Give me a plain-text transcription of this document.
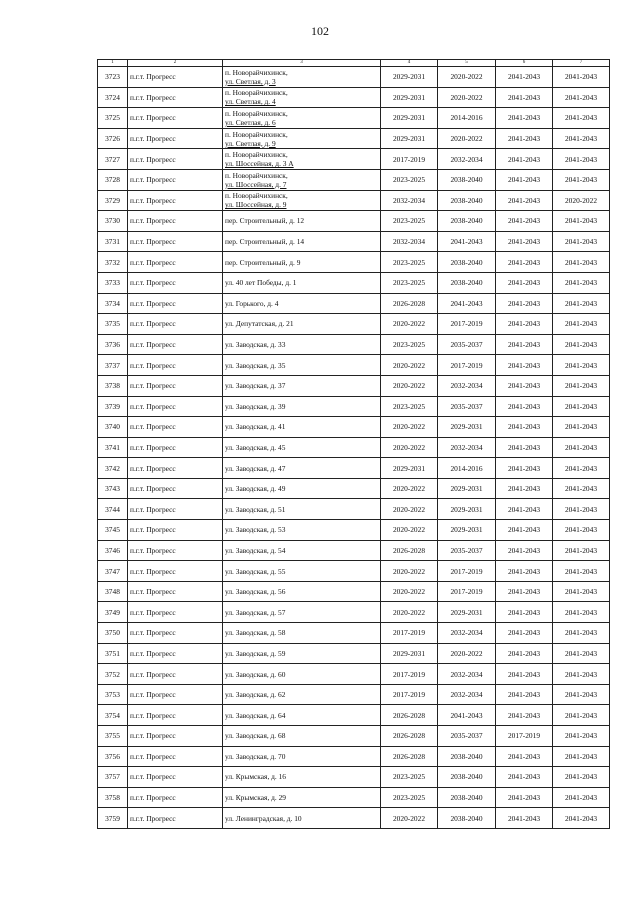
102
1	2	3	4	5	6	7
3723	п.г.т. Прогресс	п. Новорайчихинск,
ул. Светлая, д. 3	2029-2031	2020-2022	2041-2043	2041-2043
3724	п.г.т. Прогресс	п. Новорайчихинск,
ул. Светлая, д. 4	2029-2031	2020-2022	2041-2043	2041-2043
3725	п.г.т. Прогресс	п. Новорайчихинск,
ул. Светлая, д. 6	2029-2031	2014-2016	2041-2043	2041-2043
3726	п.г.т. Прогресс	п. Новорайчихинск,
ул. Светлая, д. 9	2029-2031	2020-2022	2041-2043	2041-2043
3727	п.г.т. Прогресс	п. Новорайчихинск,
ул. Шоссейная, д. 3 А	2017-2019	2032-2034	2041-2043	2041-2043
3728	п.г.т. Прогресс	п. Новорайчихинск,
ул. Шоссейная, д. 7	2023-2025	2038-2040	2041-2043	2041-2043
3729	п.г.т. Прогресс	п. Новорайчихинск,
ул. Шоссейная, д. 9	2032-2034	2038-2040	2041-2043	2020-2022
3730	п.г.т. Прогресс	пер. Строительный, д. 12	2023-2025	2038-2040	2041-2043	2041-2043
3731	п.г.т. Прогресс	пер. Строительный, д. 14	2032-2034	2041-2043	2041-2043	2041-2043
3732	п.г.т. Прогресс	пер. Строительный, д. 9	2023-2025	2038-2040	2041-2043	2041-2043
3733	п.г.т. Прогресс	ул. 40 лет Победы, д. 1	2023-2025	2038-2040	2041-2043	2041-2043
3734	п.г.т. Прогресс	ул. Горького, д. 4	2026-2028	2041-2043	2041-2043	2041-2043
3735	п.г.т. Прогресс	ул. Депутатская, д. 21	2020-2022	2017-2019	2041-2043	2041-2043
3736	п.г.т. Прогресс	ул. Заводская, д. 33	2023-2025	2035-2037	2041-2043	2041-2043
3737	п.г.т. Прогресс	ул. Заводская, д. 35	2020-2022	2017-2019	2041-2043	2041-2043
3738	п.г.т. Прогресс	ул. Заводская, д. 37	2020-2022	2032-2034	2041-2043	2041-2043
3739	п.г.т. Прогресс	ул. Заводская, д. 39	2023-2025	2035-2037	2041-2043	2041-2043
3740	п.г.т. Прогресс	ул. Заводская, д. 41	2020-2022	2029-2031	2041-2043	2041-2043
3741	п.г.т. Прогресс	ул. Заводская, д. 45	2020-2022	2032-2034	2041-2043	2041-2043
3742	п.г.т. Прогресс	ул. Заводская, д. 47	2029-2031	2014-2016	2041-2043	2041-2043
3743	п.г.т. Прогресс	ул. Заводская, д. 49	2020-2022	2029-2031	2041-2043	2041-2043
3744	п.г.т. Прогресс	ул. Заводская, д. 51	2020-2022	2029-2031	2041-2043	2041-2043
3745	п.г.т. Прогресс	ул. Заводская, д. 53	2020-2022	2029-2031	2041-2043	2041-2043
3746	п.г.т. Прогресс	ул. Заводская, д. 54	2026-2028	2035-2037	2041-2043	2041-2043
3747	п.г.т. Прогресс	ул. Заводская, д. 55	2020-2022	2017-2019	2041-2043	2041-2043
3748	п.г.т. Прогресс	ул. Заводская, д. 56	2020-2022	2017-2019	2041-2043	2041-2043
3749	п.г.т. Прогресс	ул. Заводская, д. 57	2020-2022	2029-2031	2041-2043	2041-2043
3750	п.г.т. Прогресс	ул. Заводская, д. 58	2017-2019	2032-2034	2041-2043	2041-2043
3751	п.г.т. Прогресс	ул. Заводская, д. 59	2029-2031	2020-2022	2041-2043	2041-2043
3752	п.г.т. Прогресс	ул. Заводская, д. 60	2017-2019	2032-2034	2041-2043	2041-2043
3753	п.г.т. Прогресс	ул. Заводская, д. 62	2017-2019	2032-2034	2041-2043	2041-2043
3754	п.г.т. Прогресс	ул. Заводская, д. 64	2026-2028	2041-2043	2041-2043	2041-2043
3755	п.г.т. Прогресс	ул. Заводская, д. 68	2026-2028	2035-2037	2017-2019	2041-2043
3756	п.г.т. Прогресс	ул. Заводская, д. 70	2026-2028	2038-2040	2041-2043	2041-2043
3757	п.г.т. Прогресс	ул. Крымская, д. 16	2023-2025	2038-2040	2041-2043	2041-2043
3758	п.г.т. Прогресс	ул. Крымская, д. 29	2023-2025	2038-2040	2041-2043	2041-2043
3759	п.г.т. Прогресс	ул. Ленинградская, д. 10	2020-2022	2038-2040	2041-2043	2041-2043
